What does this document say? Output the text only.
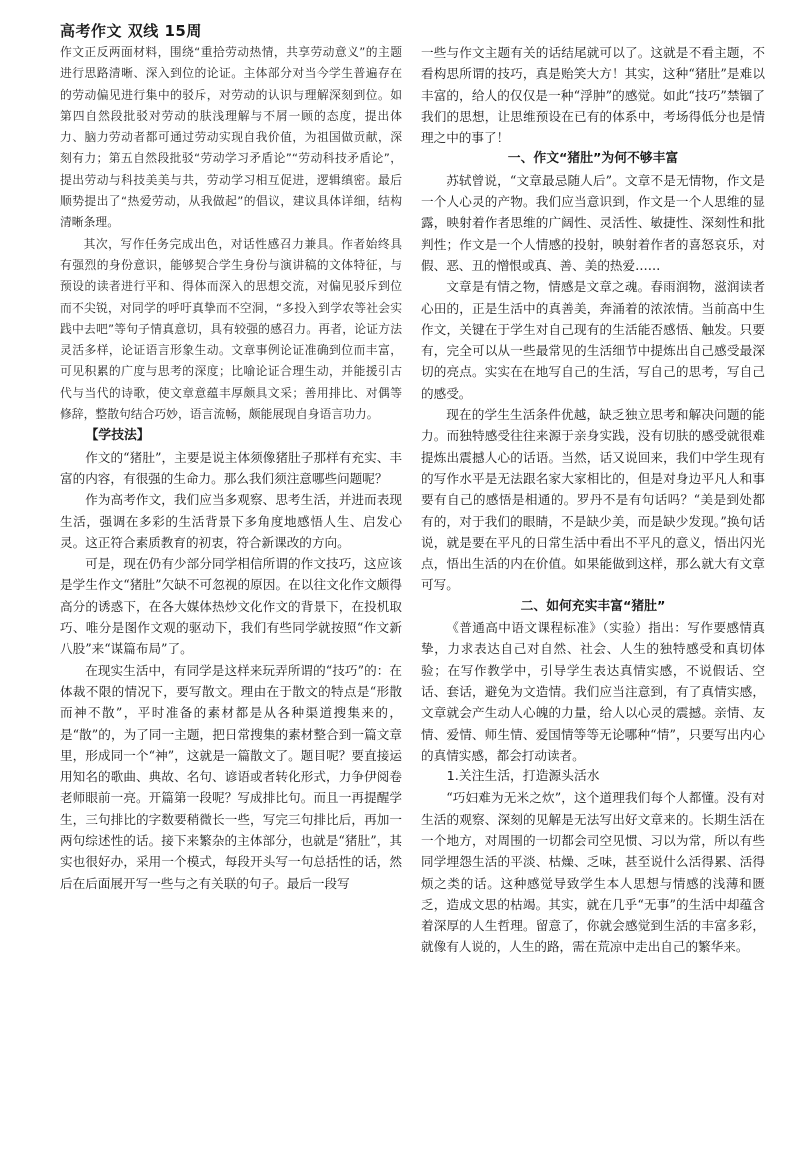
高考作文 双线 15周

作文正反两面材料，围绕“重拾劳动热情，共享劳动意义”的主题进行思路清晰、深入到位的论证。主体部分对当今学生普遍存在的劳动偏见进行集中的驳斥，对劳动的认识与理解深刻到位。如第四自然段批驳对劳动的肤浅理解与不屑一顾的态度，提出体力、脑力劳动者都可通过劳动实现自我价值，为祖国做贡献，深刻有力；第五自然段批驳“劳动学习矛盾论”“劳动科技矛盾论”，提出劳动与科技美美与共，劳动学习相互促进，逻辑缜密。最后顺势提出了“热爱劳动，从我做起”的倡议，建议具体详细，结构清晰条理。

其次，写作任务完成出色，对话性感召力兼具。作者始终具有强烈的身份意识，能够契合学生身份与演讲稿的文体特征，与预设的读者进行平和、得体而深入的思想交流，对偏见驳斥到位而不尖锐，对同学的呼吁真挚而不空洞，“多投入到学农等社会实践中去吧”等句子情真意切，具有较强的感召力。再者，论证方法灵活多样，论证语言形象生动。文章事例论证准确到位而丰富，可见积累的广度与思考的深度；比喻论证合理生动，并能援引古代与当代的诗歌，使文章意蕴丰厚颇具文采；善用排比、对偶等修辞，整散句结合巧妙，语言流畅，颇能展现自身语言功力。

【学技法】

作文的“猪肚”，主要是说主体须像猪肚子那样有充实、丰富的内容，有很强的生命力。那么我们须注意哪些问题呢？

作为高考作文，我们应当多观察、思考生活，并进而表现生活，强调在多彩的生活背景下多角度地感悟人生、启发心灵。这正符合素质教育的初衷，符合新课改的方向。

可是，现在仍有少部分同学相信所谓的作文技巧，这应该是学生作文“猪肚”欠缺不可忽视的原因。在以往文化作文颇得高分的诱惑下，在各大媒体热炒文化作文的背景下，在投机取巧、唯分是图作文观的驱动下，我们有些同学就按照“作文新八股”来“谋篇布局”了。

在现实生活中，有同学是这样来玩弄所谓的“技巧”的：在体裁不限的情况下，要写散文。理由在于散文的特点是“形散而神不散”，平时准备的素材都是从各种渠道搜集来的，是“散”的，为了同一主题，把日常搜集的素材整合到一篇文章里，形成同一个“神”，这就是一篇散文了。题目呢？要直接运用知名的歌曲、典故、名句、谚语或者转化形式，力争伊阅卷老师眼前一亮。开篇第一段呢？写成排比句。而且一再提醒学生，三句排比的字数要稍微长一些，写完三句排比后，再加一两句综述性的话。接下来繁杂的主体部分，也就是“猪肚”，其实也很好办，采用一个模式，每段开头写一句总括性的话，然后在后面展开写一些与之有关联的句子。最后一段写

一些与作文主题有关的话结尾就可以了。这就是不看主题，不看构思所谓的技巧，真是贻笑大方！其实，这种“猪肚”是难以丰富的，给人的仅仅是一种“浮肿”的感觉。如此“技巧”禁锢了我们的思想，让思维预设在已有的体系中，考场得低分也是情理之中的事了！

一、作文“猪肚”为何不够丰富

苏轼曾说，“文章最忌随人后”。文章不是无情物，作文是一个人心灵的产物。我们应当意识到，作文是一个人思维的显露，映射着作者思维的广阔性、灵活性、敏捷性、深刻性和批判性；作文是一个人情感的投射，映射着作者的喜怒哀乐，对假、恶、丑的憎恨或真、善、美的热爱……

文章是有情之物，情感是文章之魂。春雨润物，滋润读者心田的，正是生活中的真善美，奔涌着的浓浓情。当前高中生作文，关键在于学生对自己现有的生活能否感悟、触发。只要有，完全可以从一些最常见的生活细节中提炼出自己感受最深切的亮点。实实在在地写自己的生活，写自己的思考，写自己的感受。

现在的学生生活条件优越，缺乏独立思考和解决问题的能力。而独特感受往往来源于亲身实践，没有切肤的感受就很难提炼出震撼人心的话语。当然，话又说回来，我们中学生现有的写作水平是无法跟名家大家相比的，但是对身边平凡人和事要有自己的感悟是相通的。罗丹不是有句话吗？“美是到处都有的，对于我们的眼睛，不是缺少美，而是缺少发现。”换句话说，就是要在平凡的日常生活中看出不平凡的意义，悟出闪光点，悟出生活的内在价值。如果能做到这样，那么就大有文章可写。

二、如何充实丰富“猪肚”

《普通高中语文课程标准》（实验）指出：写作要感情真挚，力求表达自己对自然、社会、人生的独特感受和真切体验；在写作教学中，引导学生表达真情实感，不说假话、空话、套话，避免为文造情。我们应当注意到，有了真情实感，文章就会产生动人心魄的力量，给人以心灵的震撼。亲情、友情、爱情、师生情、爱国情等等无论哪种“情”，只要写出内心的真情实感，都会打动读者。

1.关注生活，打造源头活水

“巧妇难为无米之炊”，这个道理我们每个人都懂。没有对生活的观察、深刻的见解是无法写出好文章来的。长期生活在一个地方，对周围的一切都会司空见惯、习以为常，所以有些同学埋怨生活的平淡、枯燥、乏味，甚至说什么活得累、活得烦之类的话。这种感觉导致学生本人思想与情感的浅薄和匮乏，造成文思的枯竭。其实，就在几乎“无事”的生活中却蕴含着深厚的人生哲理。留意了，你就会感觉到生活的丰富多彩，就像有人说的，人生的路，需在荒凉中走出自己的繁华来。
